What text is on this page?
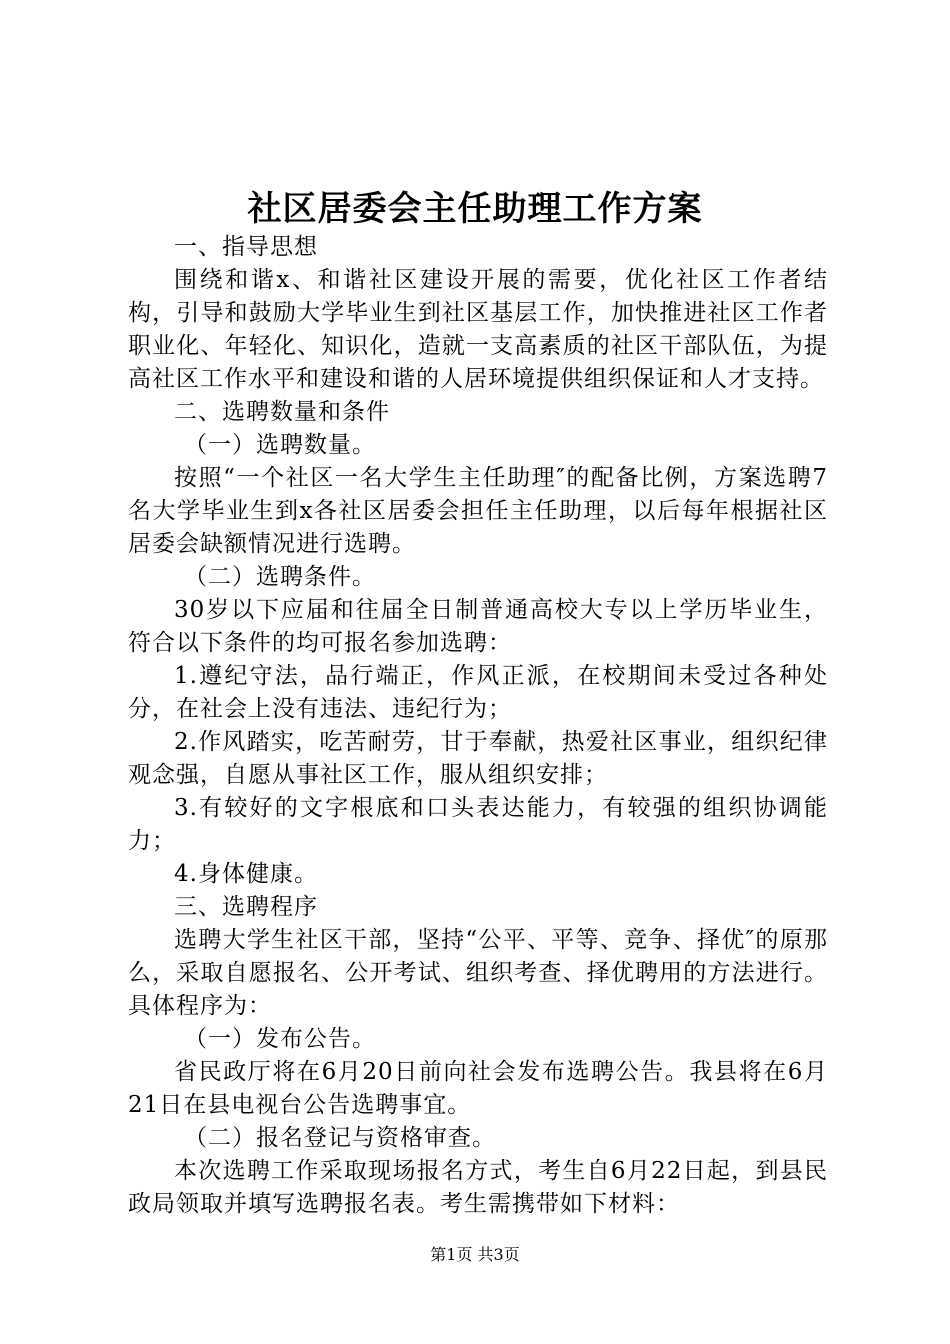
社区居委会主任助理工作方案

一、指导思想

围绕和谐x、和谐社区建设开展的需要，优化社区工作者结构，引导和鼓励大学毕业生到社区基层工作，加快推进社区工作者职业化、年轻化、知识化，造就一支高素质的社区干部队伍，为提高社区工作水平和建设和谐的人居环境提供组织保证和人才支持。

二、选聘数量和条件

（一）选聘数量。

按照“一个社区一名大学生主任助理″的配备比例，方案选聘7名大学毕业生到x各社区居委会担任主任助理，以后每年根据社区居委会缺额情况进行选聘。

（二）选聘条件。

30岁以下应届和往届全日制普通高校大专以上学历毕业生，符合以下条件的均可报名参加选聘：

1.遵纪守法，品行端正，作风正派，在校期间未受过各种处分，在社会上没有违法、违纪行为；

2.作风踏实，吃苦耐劳，甘于奉献，热爱社区事业，组织纪律观念强，自愿从事社区工作，服从组织安排；

3.有较好的文字根底和口头表达能力，有较强的组织协调能力；

4.身体健康。

三、选聘程序

选聘大学生社区干部，坚持“公平、平等、竞争、择优″的原那么，采取自愿报名、公开考试、组织考查、择优聘用的方法进行。具体程序为：

（一）发布公告。

省民政厅将在6月20日前向社会发布选聘公告。我县将在6月21日在县电视台公告选聘事宜。

（二）报名登记与资格审查。

本次选聘工作采取现场报名方式，考生自6月22日起，到县民政局领取并填写选聘报名表。考生需携带如下材料：

第1页 共3页
